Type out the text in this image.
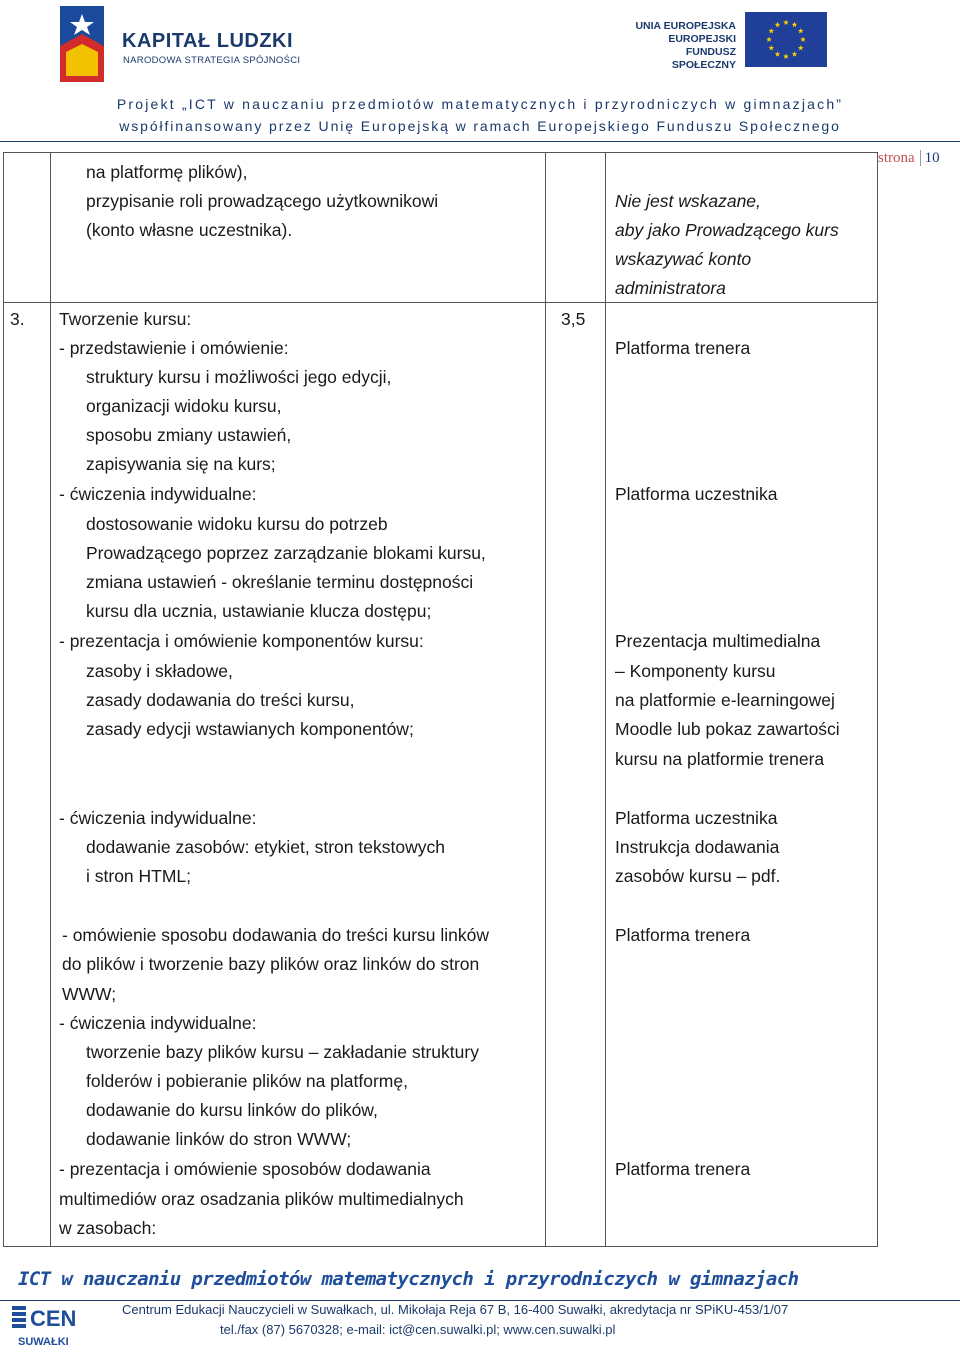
KAPITAŁ LUDZKI
NARODOWA STRATEGIA SPÓJNOŚCI
UNIA EUROPEJSKA
EUROPEJSKI
FUNDUSZ SPOŁECZNY
Projekt „ICT w nauczaniu przedmiotów matematycznych i przyrodniczych w gimnazjach”
współfinansowany przez Unię Europejską w ramach Europejskiego Funduszu Społecznego
strona 10
na platformę plików),
przypisanie roli prowadzącego użytkownikowi
(konto własne uczestnika).
Nie jest wskazane,
aby jako Prowadzącego kurs
wskazywać konto
administratora
3.	3,5
Tworzenie kursu:
- przedstawienie i omówienie:
struktury kursu i możliwości jego edycji,
organizacji widoku kursu,
sposobu zmiany ustawień,
zapisywania się na kurs;
- ćwiczenia indywidualne:
dostosowanie widoku kursu do potrzeb
Prowadzącego poprzez zarządzanie blokami kursu,
zmiana ustawień - określanie terminu dostępności
kursu dla ucznia, ustawianie klucza dostępu;
- prezentacja i omówienie komponentów kursu:
zasoby i składowe,
zasady dodawania do treści kursu,
zasady edycji wstawianych komponentów;
- ćwiczenia indywidualne:
dodawanie zasobów: etykiet, stron tekstowych
i stron HTML;
- omówienie sposobu dodawania do treści kursu linków
do plików i tworzenie bazy plików oraz linków do stron
WWW;
- ćwiczenia indywidualne:
tworzenie bazy plików kursu – zakładanie struktury
folderów i pobieranie plików na platformę,
dodawanie do kursu linków do plików,
dodawanie linków do stron WWW;
- prezentacja i omówienie sposobów dodawania
multimediów oraz osadzania plików multimedialnych
w zasobach:
Platforma trenera
Platforma uczestnika
Prezentacja multimedialna
– Komponenty kursu
na platformie e-learningowej
Moodle lub pokaz zawartości
kursu na platformie trenera
Platforma uczestnika
Instrukcja dodawania
zasobów kursu – pdf.
Platforma trenera
Platforma trenera
ICT w nauczaniu przedmiotów matematycznych i przyrodniczych w gimnazjach
CEN
SUWAŁKI
Centrum Edukacji Nauczycieli w Suwałkach, ul. Mikołaja Reja 67 B, 16-400 Suwałki, akredytacja nr SPiKU-453/1/07
tel./fax (87) 5670328; e-mail: ict@cen.suwalki.pl; www.cen.suwalki.pl
